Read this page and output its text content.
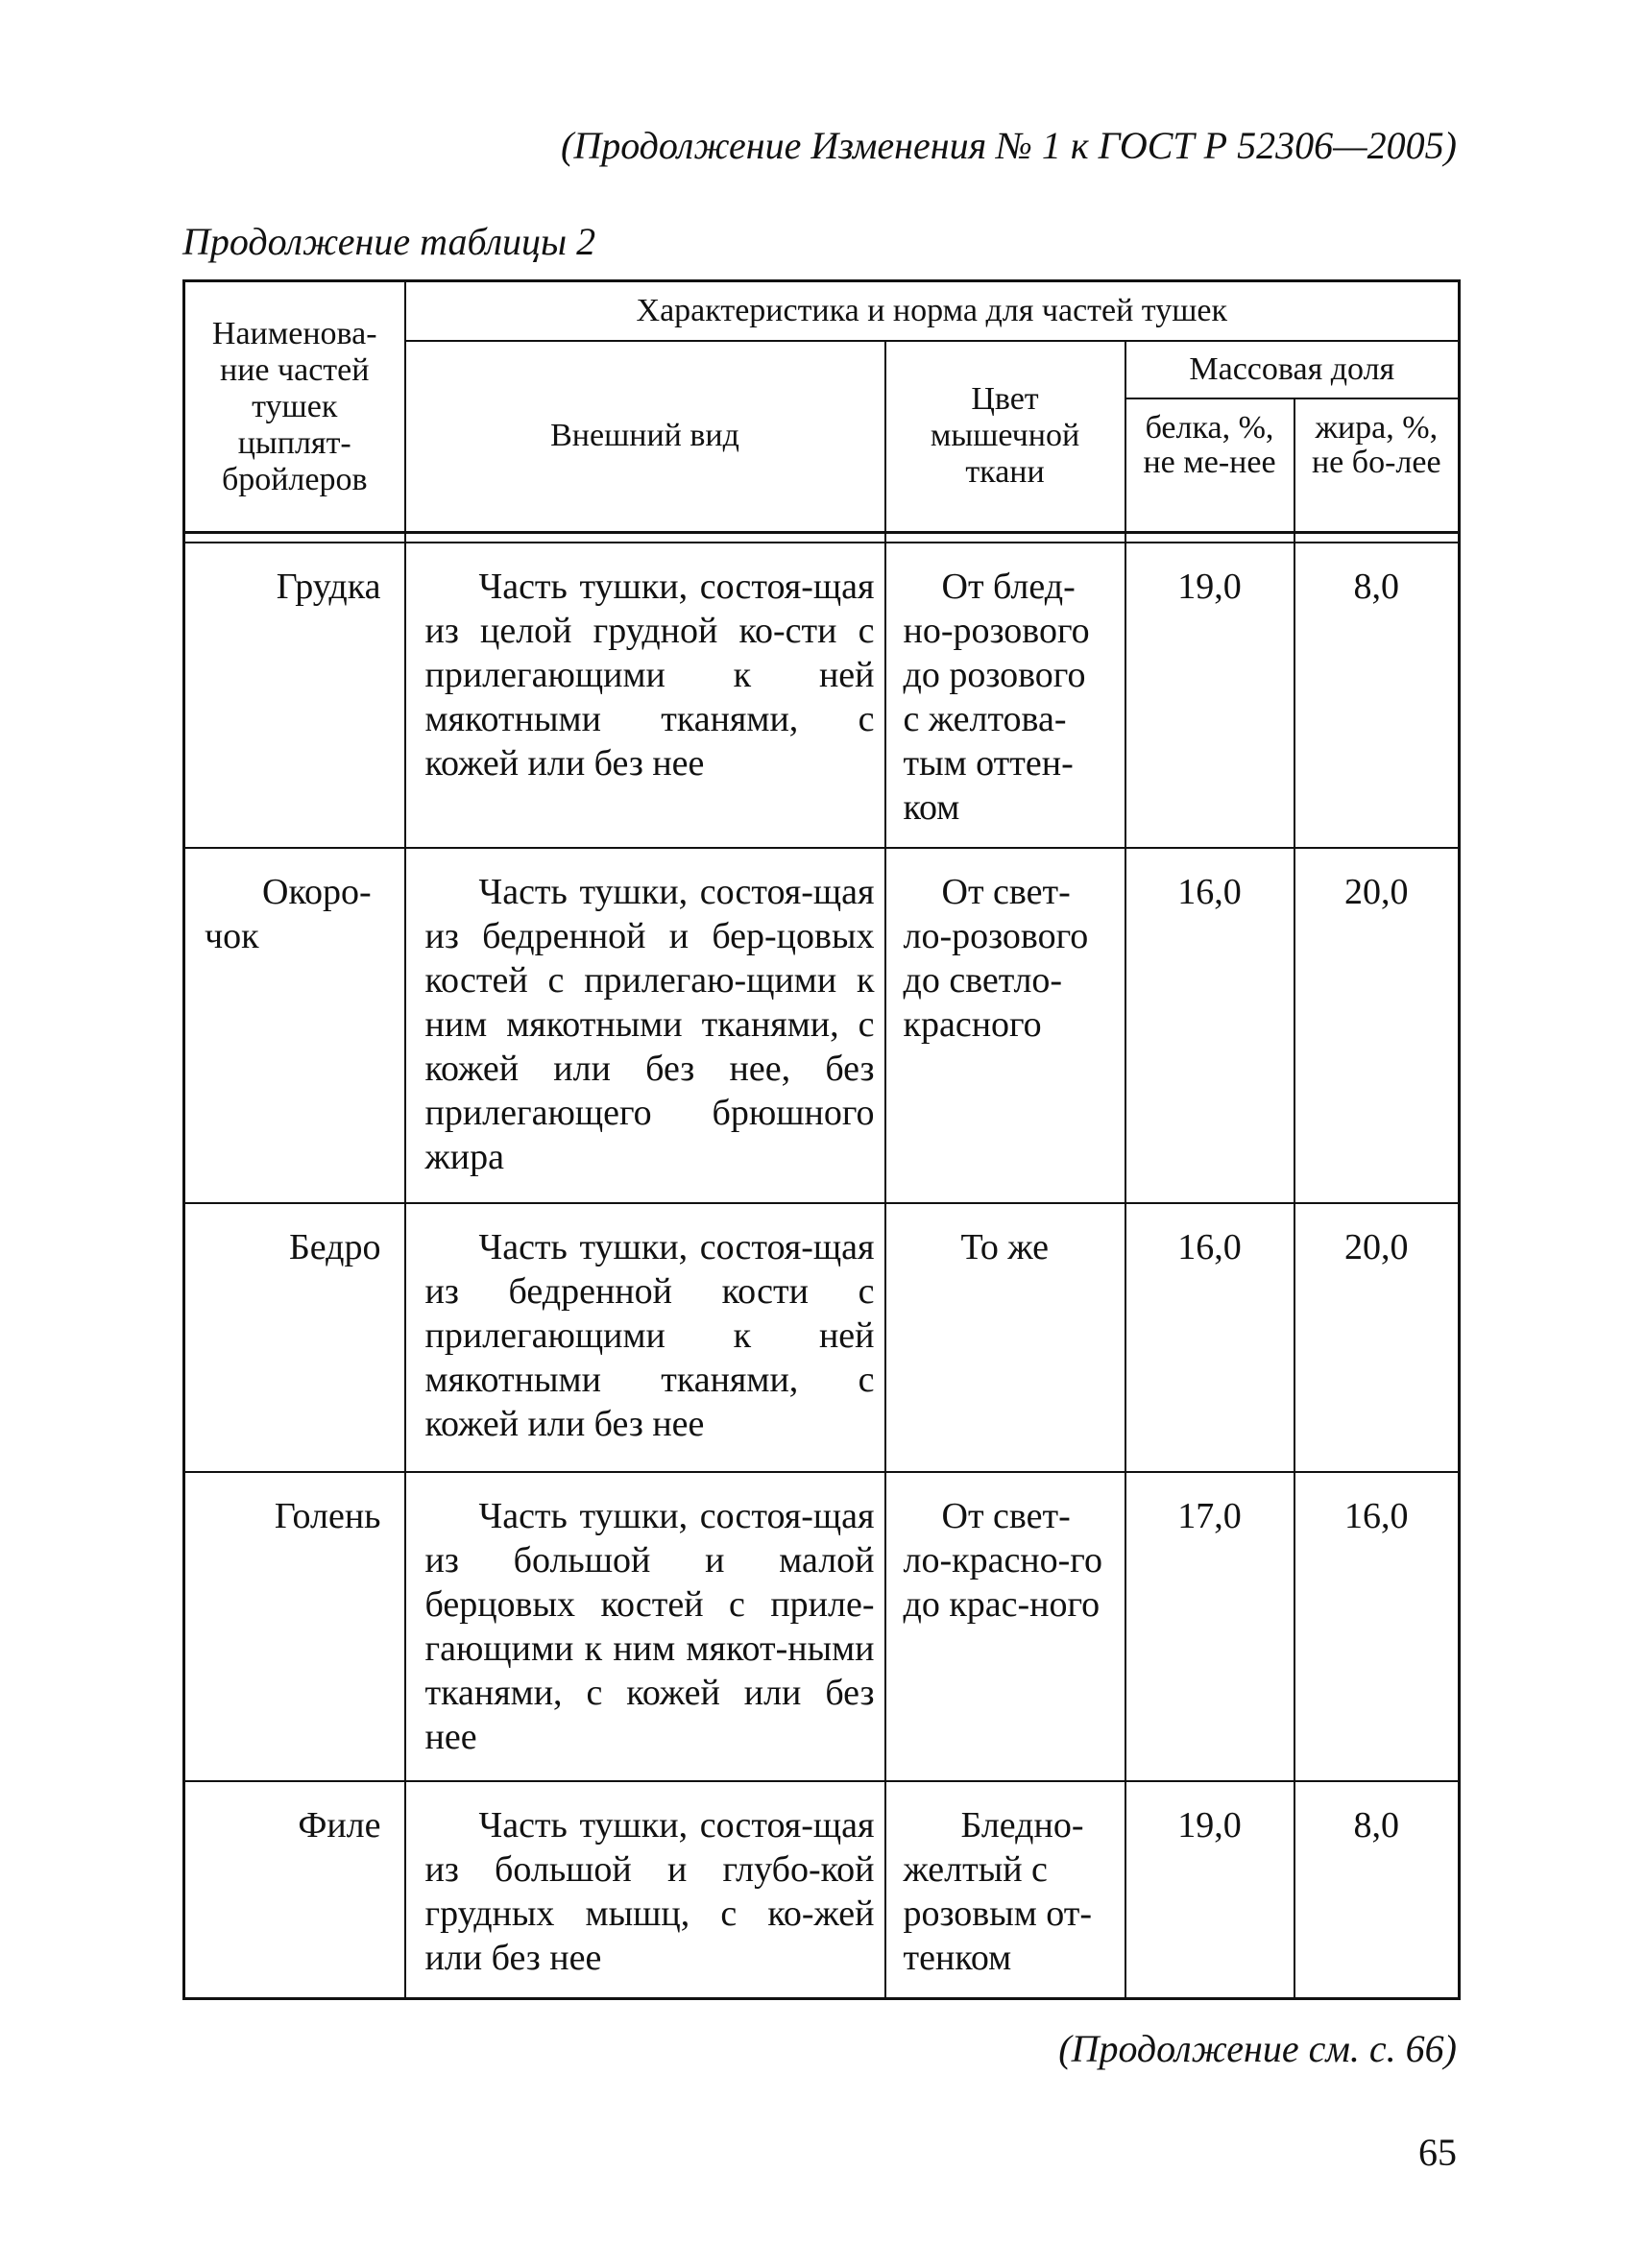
(Продолжение Изменения № 1 к ГОСТ Р 52306—2005)
Продолжение таблицы 2
Наименова-ние частей тушек цыплят-бройлеров	Характеристика и норма для частей тушек			
	Внешний вид	Цвет мышечной ткани	Массовая доля	
			белка, %, не ме-нее	жира, %, не бо-лее

Грудка	Часть тушки, состоя-щая из целой грудной ко-сти с прилегающими к ней мякотными тканями, с кожей или без нее	От блед-но-розового до розового с желтова-тым оттен-ком	19,0	8,0

Окоро-чок	Часть тушки, состоя-щая из бедренной и бер-цовых костей с прилегаю-щими к ним мякотными тканями, с кожей или без нее, без прилегающего брюшного жира	От свет-ло-розового до светло-красного	16,0	20,0
Бедро	Часть тушки, состоя-щая из бедренной кости с прилегающими к ней мякотными тканями, с кожей или без нее	То же	16,0	20,0
Голень	Часть тушки, состоя-щая из большой и малой берцовых костей с приле-гающими к ним мякот-ными тканями, с кожей или без нее	От свет-ло-красно-го до крас-ного	17,0	16,0
Филе	Часть тушки, состоя-щая из большой и глубо-кой грудных мышц, с ко-жей или без нее	Бледно-желтый с розовым от-тенком	19,0	8,0
(Продолжение см. с. 66)
65
